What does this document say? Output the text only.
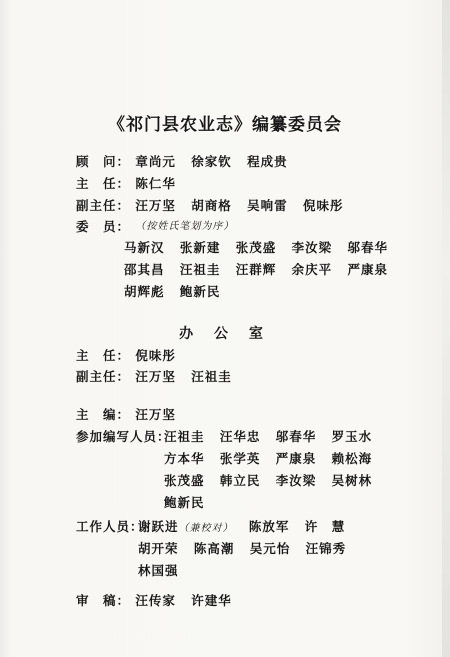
《祁门县农业志》编纂委员会
顾　问： 章尚元 徐家钦 程成贵
主　任： 陈仁华
副主任： 汪万坚 胡商格 吴响雷 倪味彤
委　员： （按姓氏笔划为序）
马新汉 张新建 张茂盛 李汝梁 邬春华
邵其昌 汪祖圭 汪群辉 余庆平 严康泉
胡辉彪 鲍新民
办 公 室
主　任： 倪味彤
副主任： 汪万坚 汪祖圭
主　编： 汪万坚
参加编写人员：
汪祖圭 汪华忠 邬春华 罗玉水
方本华 张学英 严康泉 赖松海
张茂盛 韩立民 李汝梁 吴树林
鲍新民
工作人员：
谢跃进（兼校对） 陈放军 许　慧
胡开荣 陈高潮 吴元怡 汪锦秀
林国强
审　稿： 汪传家 许建华
